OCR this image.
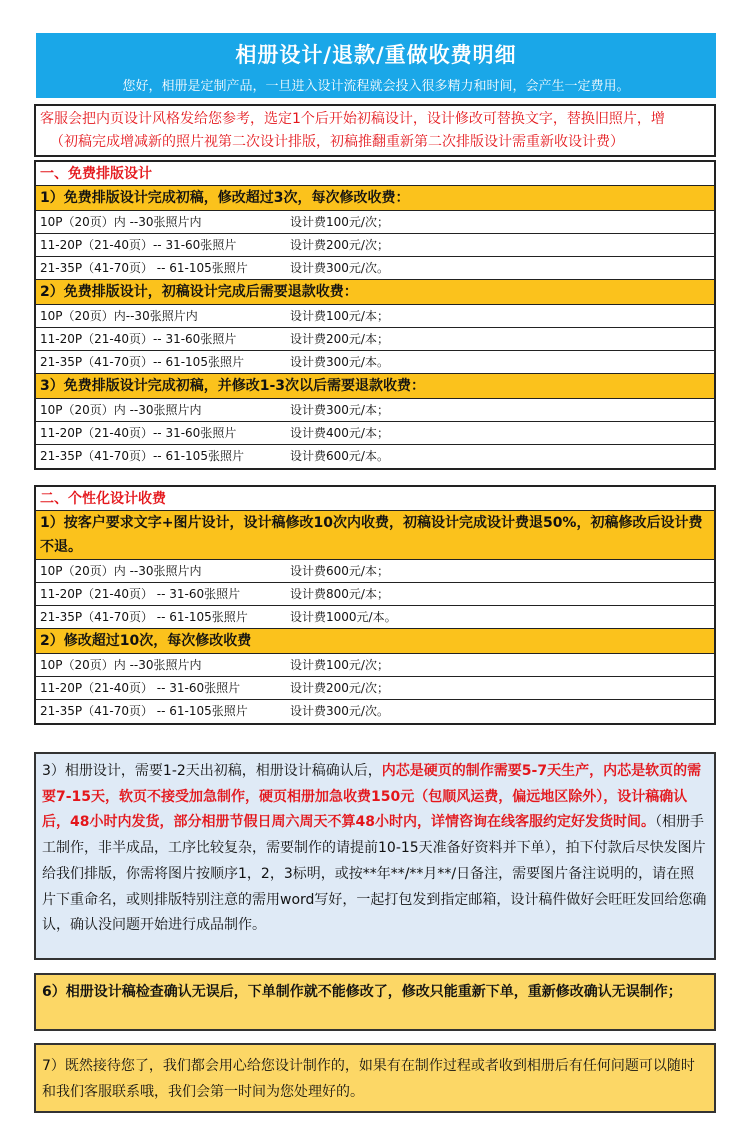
相册设计/退款/重做收费明细

您好，相册是定制产品，一旦进入设计流程就会投入很多精力和时间，会产生一定费用。

客服会把内页设计风格发给您参考，选定1个后开始初稿设计，设计修改可替换文字，替换旧照片，增
（初稿完成增减新的照片视第二次设计排版，初稿推翻重新第二次排版设计需重新收设计费）
一、免费排版设计
1）免费排版设计完成初稿，修改超过3次，每次修改收费：
10P（20页）内 --30张照片内	设计费100元/次；
11-20P（21-40页）-- 31-60张照片	设计费200元/次；
21-35P（41-70页） -- 61-105张照片	设计费300元/次。
2）免费排版设计，初稿设计完成后需要退款收费：
10P（20页）内--30张照片内	设计费100元/本；
11-20P（21-40页）-- 31-60张照片	设计费200元/本；
21-35P（41-70页）-- 61-105张照片	设计费300元/本。
3）免费排版设计完成初稿，并修改1-3次以后需要退款收费：
10P（20页）内 --30张照片内	设计费300元/本；
11-20P（21-40页）-- 31-60张照片	设计费400元/本；
21-35P（41-70页）-- 61-105张照片	设计费600元/本。
二、个性化设计收费
1）按客户要求文字+图片设计，设计稿修改10次内收费，初稿设计完成设计费退50%，初稿修改后设计费不退。
10P（20页）内 --30张照片内	设计费600元/本；
11-20P（21-40页） -- 31-60张照片	设计费800元/本；
21-35P（41-70页） -- 61-105张照片	设计费1000元/本。
2）修改超过10次，每次修改收费
10P（20页）内 --30张照片内	设计费100元/次；
11-20P（21-40页） -- 31-60张照片	设计费200元/次；
21-35P（41-70页） -- 61-105张照片	设计费300元/次。
3）相册设计，需要1-2天出初稿，相册设计稿确认后，内芯是硬页的制作需要5-7天生产，内芯是软页的需要7-15天，软页不接受加急制作，硬页相册加急收费150元（包顺风运费，偏远地区除外），设计稿确认后，48小时内发货，部分相册节假日周六周天不算48小时内，详情咨询在线客服约定好发货时间。（相册手工制作，非半成品，工序比较复杂，需要制作的请提前10-15天准备好资料并下单），拍下付款后尽快发图片给我们排版，你需将图片按顺序1，2，3标明，或按**年**/**月**/日备注，需要图片备注说明的，请在照片下重命名，或则排版特别注意的需用word写好，一起打包发到指定邮箱，设计稿件做好会旺旺发回给您确认，确认没问题开始进行成品制作。
6）相册设计稿检查确认无误后，下单制作就不能修改了，修改只能重新下单，重新修改确认无误制作；
7）既然接待您了，我们都会用心给您设计制作的，如果有在制作过程或者收到相册后有任何问题可以随时和我们客服联系哦，我们会第一时间为您处理好的。
